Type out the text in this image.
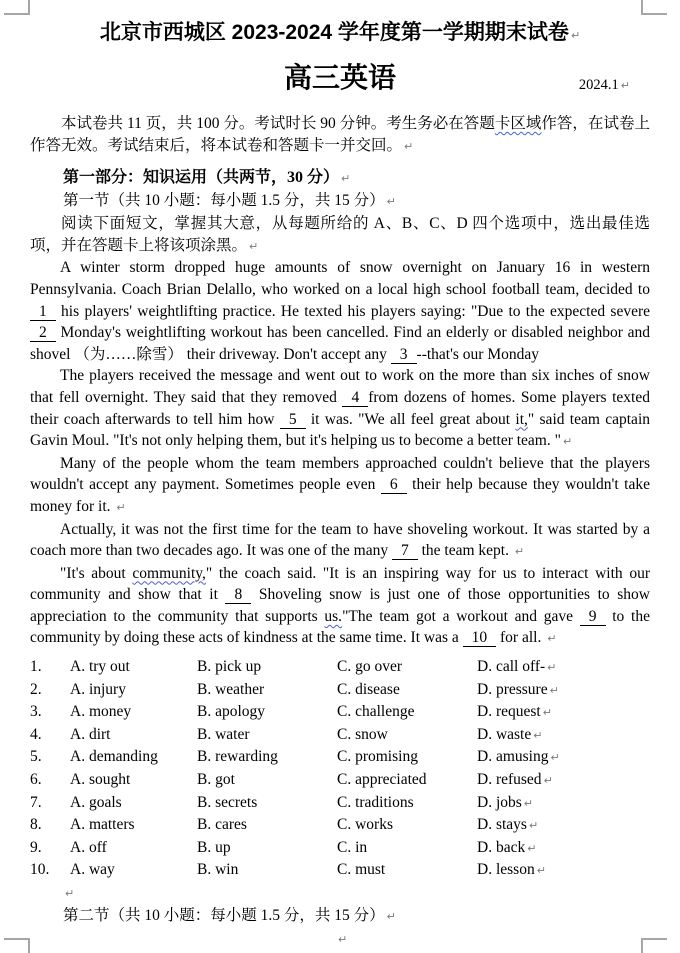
北京市西城区 2023-2024 学年度第一学期期末试卷 ↵
高三英语	2024.1 ↵

本试卷共 11 页，共 100 分。考试时长 90 分钟。考生务必在答题卡区域作答，在试卷上作答无效。考试结束后，将本试卷和答题卡一并交回。 ↵

第一部分：知识运用（共两节，30 分） ↵

第一节（共 10 小题：每小题 1.5 分，共 15 分） ↵

阅读下面短文，掌握其大意，从每题所给的 A、B、C、D 四个选项中，选出最佳选项，并在答题卡上将该项涂黑。 ↵

A winter storm dropped huge amounts of snow overnight on January 16 in western Pennsylvania. Coach Brian Delallo, who worked on a local high school football team, decided to 1 his players' weightlifting practice. He texted his players saying: "Due to the expected severe 2 Monday's weightlifting workout has been cancelled. Find an elderly or disabled neighbor and shovel （为……除雪） their driveway. Don't accept any 3 --that's our Monday

The players received the message and went out to work on the more than six inches of snow that fell overnight. They said that they removed 4 from dozens of homes. Some players texted their coach afterwards to tell him how 5 it was. "We all feel great about it," said team captain Gavin Moul. "It's not only helping them, but it's helping us to become a better team. " ↵

Many of the people whom the team members approached couldn't believe that the players wouldn't accept any payment. Sometimes people even 6 their help because they wouldn't take money for it. ↵

Actually, it was not the first time for the team to have shoveling workout. It was started by a coach more than two decades ago. It was one of the many 7 the team kept. ↵

"It's about community," the coach said. "It is an inspiring way for us to interact with our community and show that it 8 Shoveling snow is just one of those opportunities to show appreciation to the community that supports us."The team got a workout and gave 9 to the community by doing these acts of kindness at the same time. It was a 10 for all. ↵

1.	A. try out	B. pick up	C. go over	D. call off- ↵
2.	A. injury	B. weather	C. disease	D. pressure ↵
3.	A. money	B. apology	C. challenge	D. request ↵
4.	A. dirt	B. water	C. snow	D. waste ↵
5.	A. demanding	B. rewarding	C. promising	D. amusing ↵
6.	A. sought	B. got	C. appreciated	D. refused ↵
7.	A. goals	B. secrets	C. traditions	D. jobs ↵
8.	A. matters	B. cares	C. works	D. stays ↵
9.	A. off	B. up	C. in	D. back ↵
10.	A. way	B. win	C. must	D. lesson ↵
↵

第二节（共 10 小题：每小题 1.5 分，共 15 分） ↵

↵
